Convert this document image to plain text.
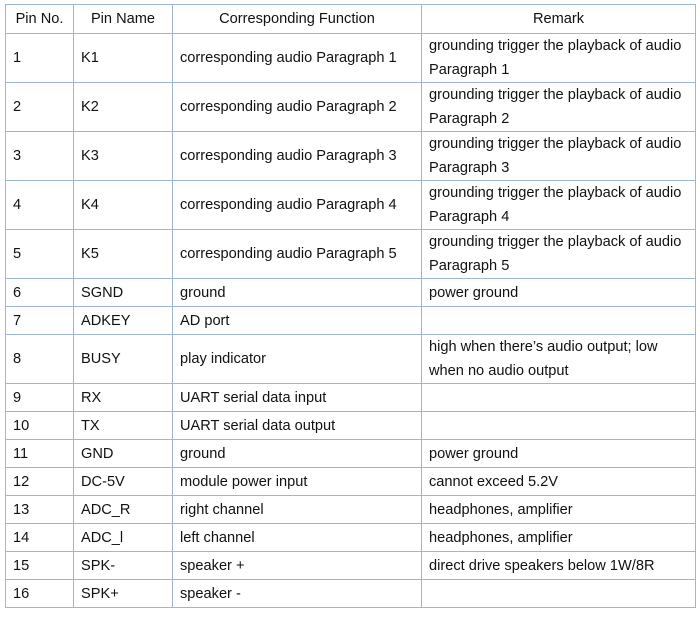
Pin No.	Pin Name	Corresponding Function	Remark
1	K1	corresponding audio Paragraph 1	grounding trigger the playback of audio Paragraph 1
2	K2	corresponding audio Paragraph 2	grounding trigger the playback of audio Paragraph 2
3	K3	corresponding audio Paragraph 3	grounding trigger the playback of audio Paragraph 3
4	K4	corresponding audio Paragraph 4	grounding trigger the playback of audio Paragraph 4
5	K5	corresponding audio Paragraph 5	grounding trigger the playback of audio Paragraph 5
6	SGND	ground	power ground
7	ADKEY	AD port	
8	BUSY	play indicator	high when there’s audio output; low when no audio output
9	RX	UART serial data input	
10	TX	UART serial data output	
11	GND	ground	power ground
12	DC-5V	module power input	cannot exceed 5.2V
13	ADC_R	right channel	headphones, amplifier
14	ADC_l	left channel	headphones, amplifier
15	SPK-	speaker +	direct drive speakers below 1W/8R
16	SPK+	speaker -	
